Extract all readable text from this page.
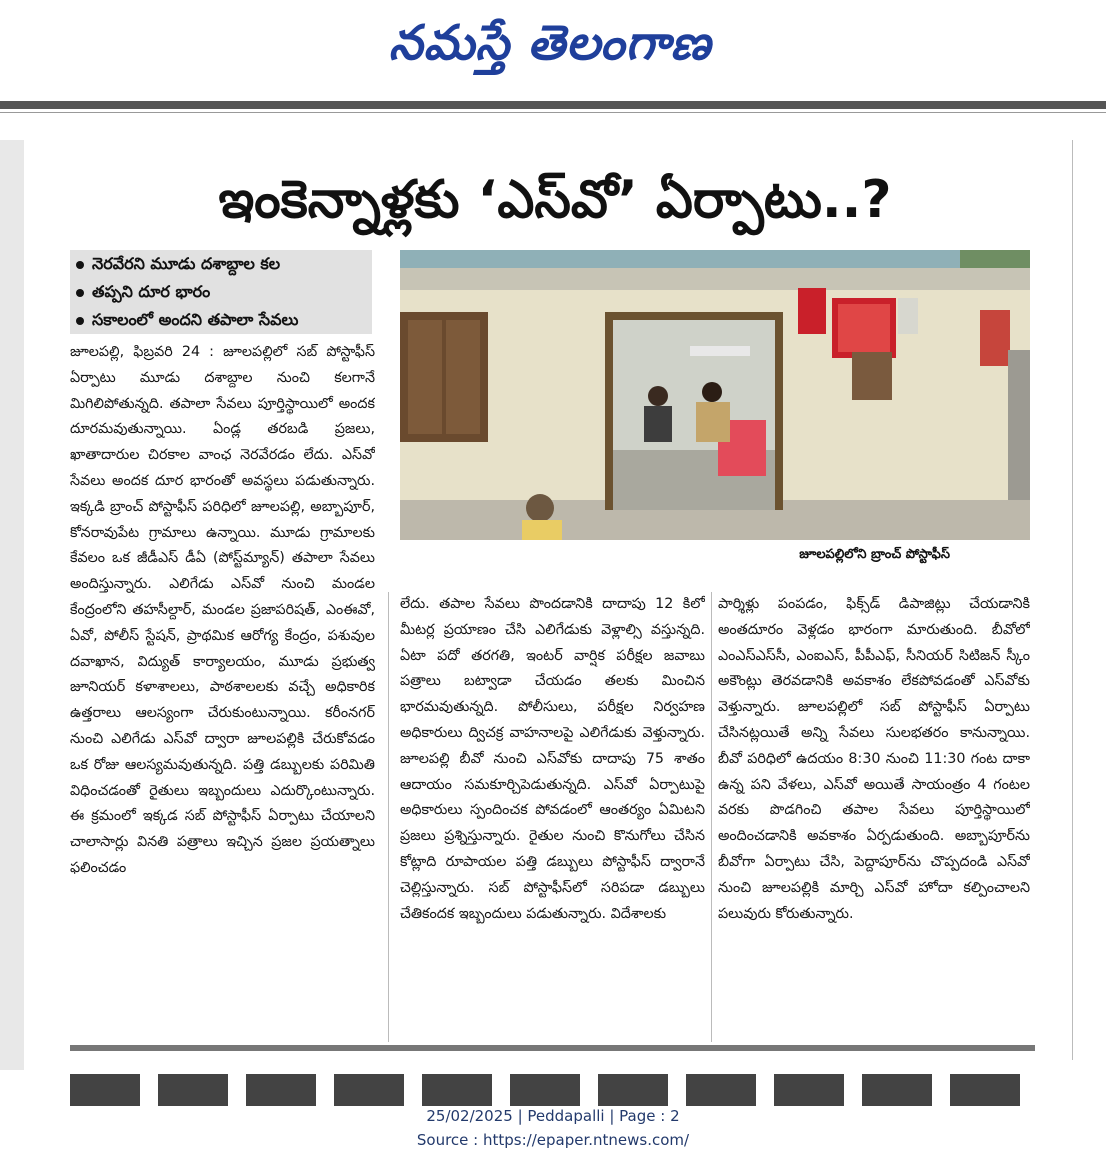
నమస్తే తెలంగాణ
ఇంకెన్నాళ్లకు ‘ఎస్‌వో’ ఏర్పాటు..?
నెరవేరని మూడు దశాబ్దాల కల
తప్పని దూర భారం
సకాలంలో అందని తపాలా సేవలు
జూలపల్లిలోని బ్రాంచ్ పోస్టాఫీస్
జూలపల్లి, ఫిబ్రవరి 24 : జూలపల్లిలో సబ్ పోస్టాఫీస్ ఏర్పాటు మూడు దశాబ్దాల నుంచి కలగానే మిగిలిపోతున్నది. తపాలా సేవలు పూర్తిస్థాయిలో అందక దూరమవుతున్నాయి. ఏండ్ల తరబడి ప్రజలు, ఖాతాదారుల చిరకాల వాంఛ నెరవేరడం లేదు. ఎస్‌వో సేవలు అందక దూర భారంతో అవస్థలు పడుతున్నారు. ఇక్కడి బ్రాంచ్ పోస్టాఫీస్ పరిధిలో జూలపల్లి, అబ్బాపూర్, కోనరావుపేట గ్రామాలు ఉన్నాయి. మూడు గ్రామాలకు కేవలం ఒక జీడీఎస్ డీఏ (పోస్ట్‌మ్యాన్) తపాలా సేవలు అందిస్తున్నారు. ఎలిగేడు ఎస్‌వో నుంచి మండల కేంద్రంలోని తహసీల్దార్, మండల ప్రజాపరిషత్, ఎంఈవో, ఏవో, పోలీస్ స్టేషన్, ప్రాథమిక ఆరోగ్య కేంద్రం, పశువుల దవాఖాన, విద్యుత్ కార్యాలయం, మూడు ప్రభుత్వ జూనియర్ కళాశాలలు, పాఠశాలలకు వచ్చే అధికారిక ఉత్తరాలు ఆలస్యంగా చేరుకుంటున్నాయి. కరీంనగర్ నుంచి ఎలిగేడు ఎస్‌వో ద్వారా జూలపల్లికి చేరుకోవడం ఒక రోజు ఆలస్యమవుతున్నది. పత్తి డబ్బులకు పరిమితి విధించడంతో రైతులు ఇబ్బందులు ఎదుర్కొంటున్నారు. ఈ క్రమంలో ఇక్కడ సబ్ పోస్టాఫీస్ ఏర్పాటు చేయాలని చాలాసార్లు వినతి పత్రాలు ఇచ్చిన ప్రజల ప్రయత్నాలు ఫలించడం
లేదు. తపాల సేవలు పొందడానికి దాదాపు 12 కిలో మీటర్ల ప్రయాణం చేసి ఎలిగేడుకు వెళ్లాల్సి వస్తున్నది. ఏటా పదో తరగతి, ఇంటర్ వార్షిక పరీక్షల జవాబు పత్రాలు బట్వాడా చేయడం తలకు మించిన భారమవుతున్నది. పోలీసులు, పరీక్షల నిర్వహణ అధికారులు ద్విచక్ర వాహనాలపై ఎలిగేడుకు వెళ్తున్నారు. జూలపల్లి బీవో నుంచి ఎస్‌వోకు దాదాపు 75 శాతం ఆదాయం సమకూర్చిపెడుతున్నది. ఎస్‌వో ఏర్పాటుపై అధికారులు స్పందించక పోవడంలో ఆంతర్యం ఏమిటని ప్రజలు ప్రశ్నిస్తున్నారు. రైతుల నుంచి కొనుగోలు చేసిన కోట్లాది రూపాయల పత్తి డబ్బులు పోస్టాఫీస్ ద్వారానే చెల్లిస్తున్నారు. సబ్ పోస్టాఫీస్‌లో సరిపడా డబ్బులు చేతికందక ఇబ్బందులు పడుతున్నారు. విదేశాలకు
పార్శిళ్లు పంపడం, ఫిక్స్‌డ్ డిపాజిట్లు చేయడానికి అంతదూరం వెళ్లడం భారంగా మారుతుంది. బీవోలో ఎంఎస్‌ఎస్‌సీ, ఎంఐఎస్, పీపీఎఫ్, సీనియర్ సిటిజన్ స్కీం అకౌంట్లు తెరవడానికి అవకాశం లేకపోవడంతో ఎస్‌వోకు వెళ్తున్నారు. జూలపల్లిలో సబ్ పోస్టాఫీస్ ఏర్పాటు చేసినట్లయితే అన్ని సేవలు సులభతరం కానున్నాయి. బీవో పరిధిలో ఉదయం 8:30 నుంచి 11:30 గంట దాకా ఉన్న పని వేళలు, ఎస్‌వో అయితే సాయంత్రం 4 గంటల వరకు పొడగించి తపాల సేవలు పూర్తిస్థాయిలో అందించడానికి అవకాశం ఏర్పడుతుంది. అబ్బాపూర్‌ను బీవోగా ఏర్పాటు చేసి, పెద్దాపూర్‌ను చొప్పదండి ఎస్‌వో నుంచి జూలపల్లికి మార్చి ఎస్‌వో హోదా కల్పించాలని పలువురు కోరుతున్నారు.
25/02/2025 | Peddapalli | Page : 2
Source : https://epaper.ntnews.com/
